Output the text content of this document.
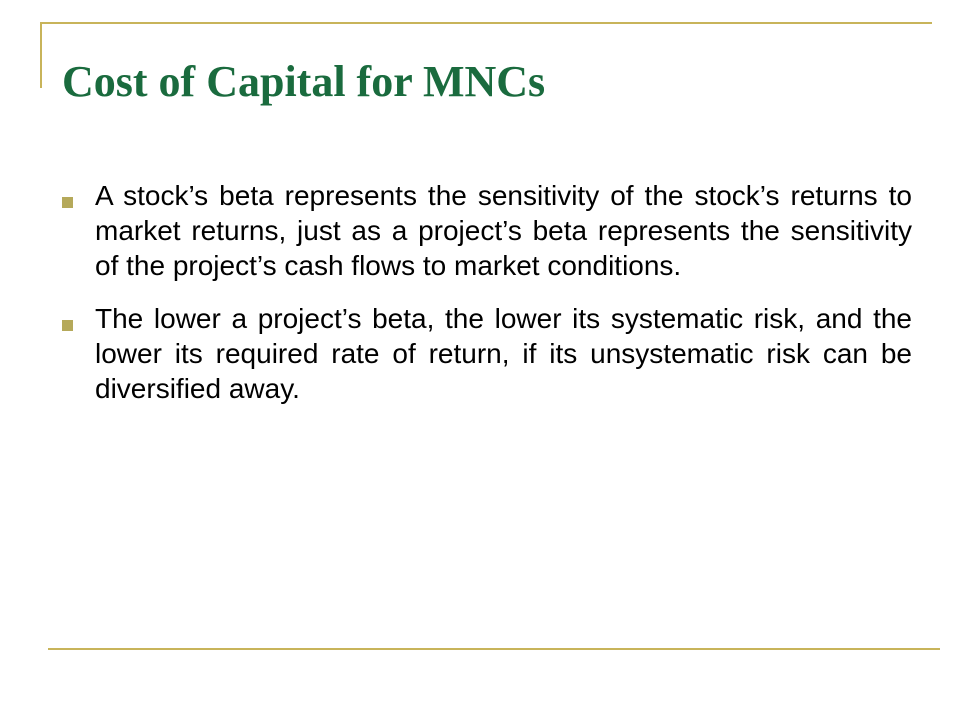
Cost of Capital for MNCs
A stock’s beta represents the sensitivity of the stock’s returns to market returns, just as a project’s beta represents the sensitivity of the project’s cash flows to market conditions.
The lower a project’s beta, the lower its systematic risk, and the lower its required rate of return, if its unsystematic risk can be diversified away.
